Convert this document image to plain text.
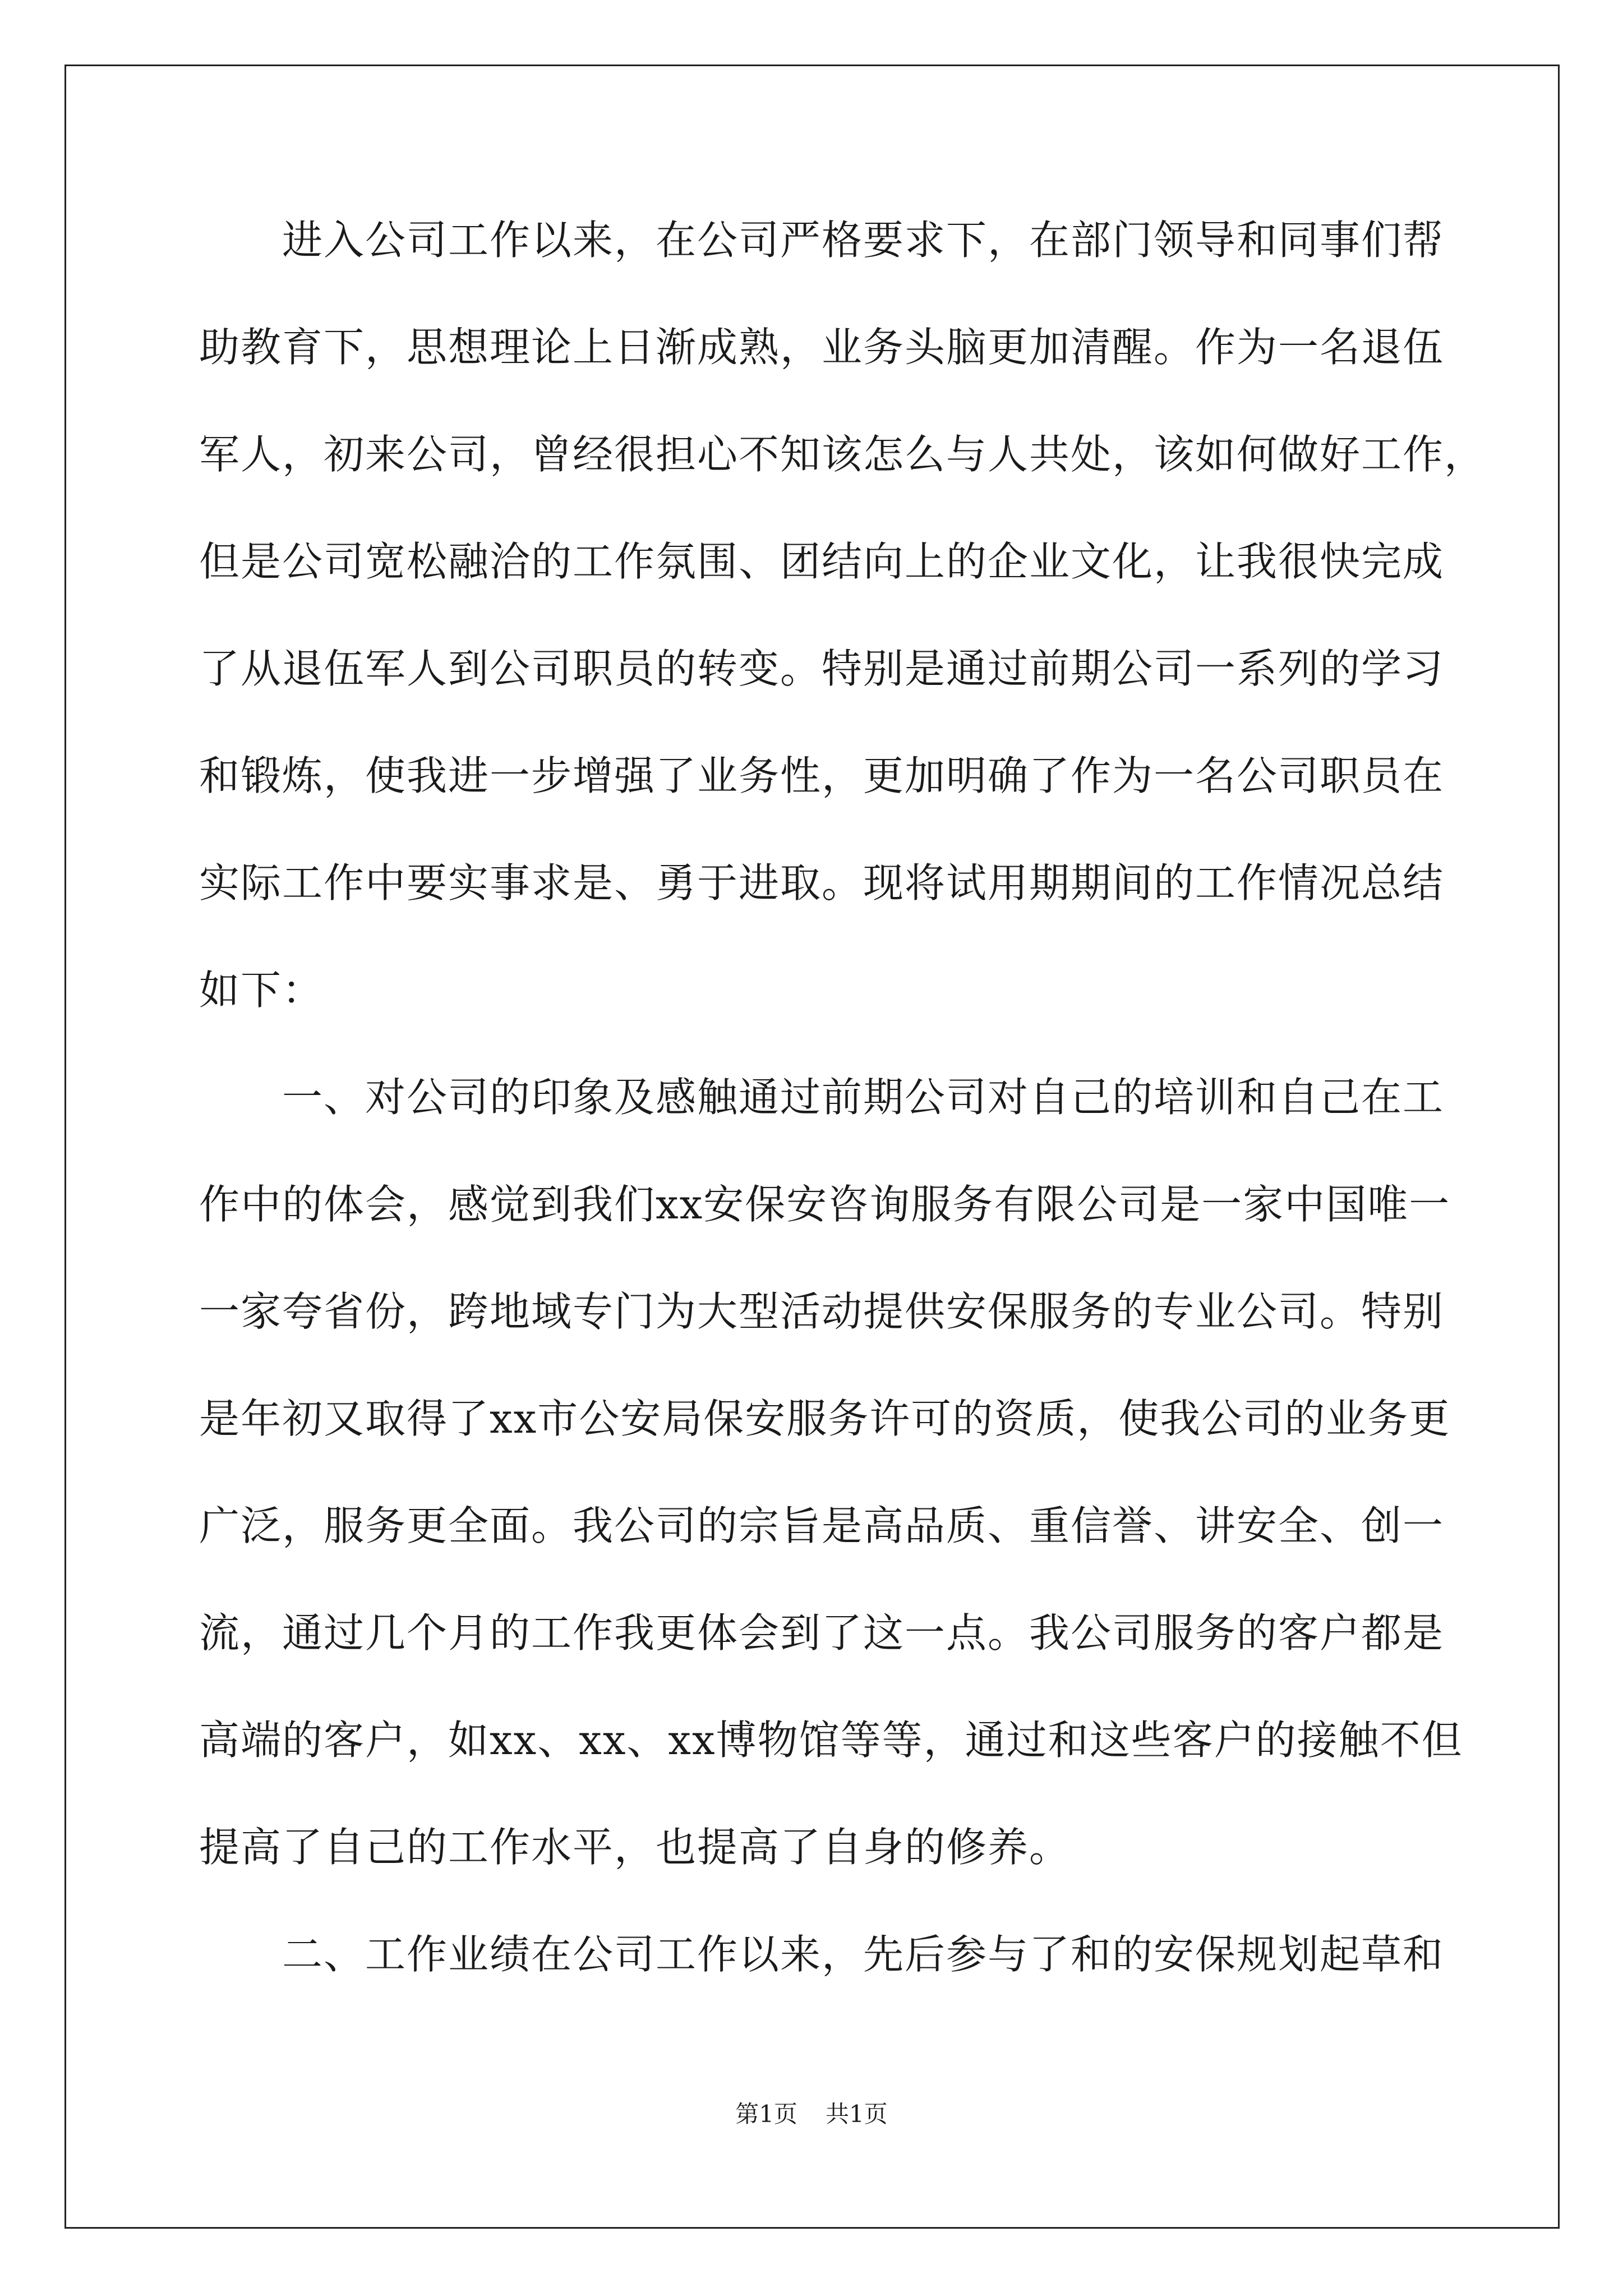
　　进入公司工作以来，在公司严格要求下，在部门领导和同事们帮
助教育下，思想理论上日渐成熟，业务头脑更加清醒。作为一名退伍
军人，初来公司，曾经很担心不知该怎么与人共处，该如何做好工作，
但是公司宽松融洽的工作氛围、团结向上的企业文化，让我很快完成
了从退伍军人到公司职员的转变。特别是通过前期公司一系列的学习
和锻炼，使我进一步增强了业务性，更加明确了作为一名公司职员在
实际工作中要实事求是、勇于进取。现将试用期期间的工作情况总结
如下：
　　一、对公司的印象及感触通过前期公司对自己的培训和自己在工
作中的体会，感觉到我们xx安保安咨询服务有限公司是一家中国唯一
一家夸省份，跨地域专门为大型活动提供安保服务的专业公司。特别
是年初又取得了xx市公安局保安服务许可的资质，使我公司的业务更
广泛，服务更全面。我公司的宗旨是高品质、重信誉、讲安全、创一
流，通过几个月的工作我更体会到了这一点。我公司服务的客户都是
高端的客户，如xx、xx、xx博物馆等等，通过和这些客户的接触不但
提高了自己的工作水平，也提高了自身的修养。
　　二、工作业绩在公司工作以来，先后参与了和的安保规划起草和
第1页 共1页
